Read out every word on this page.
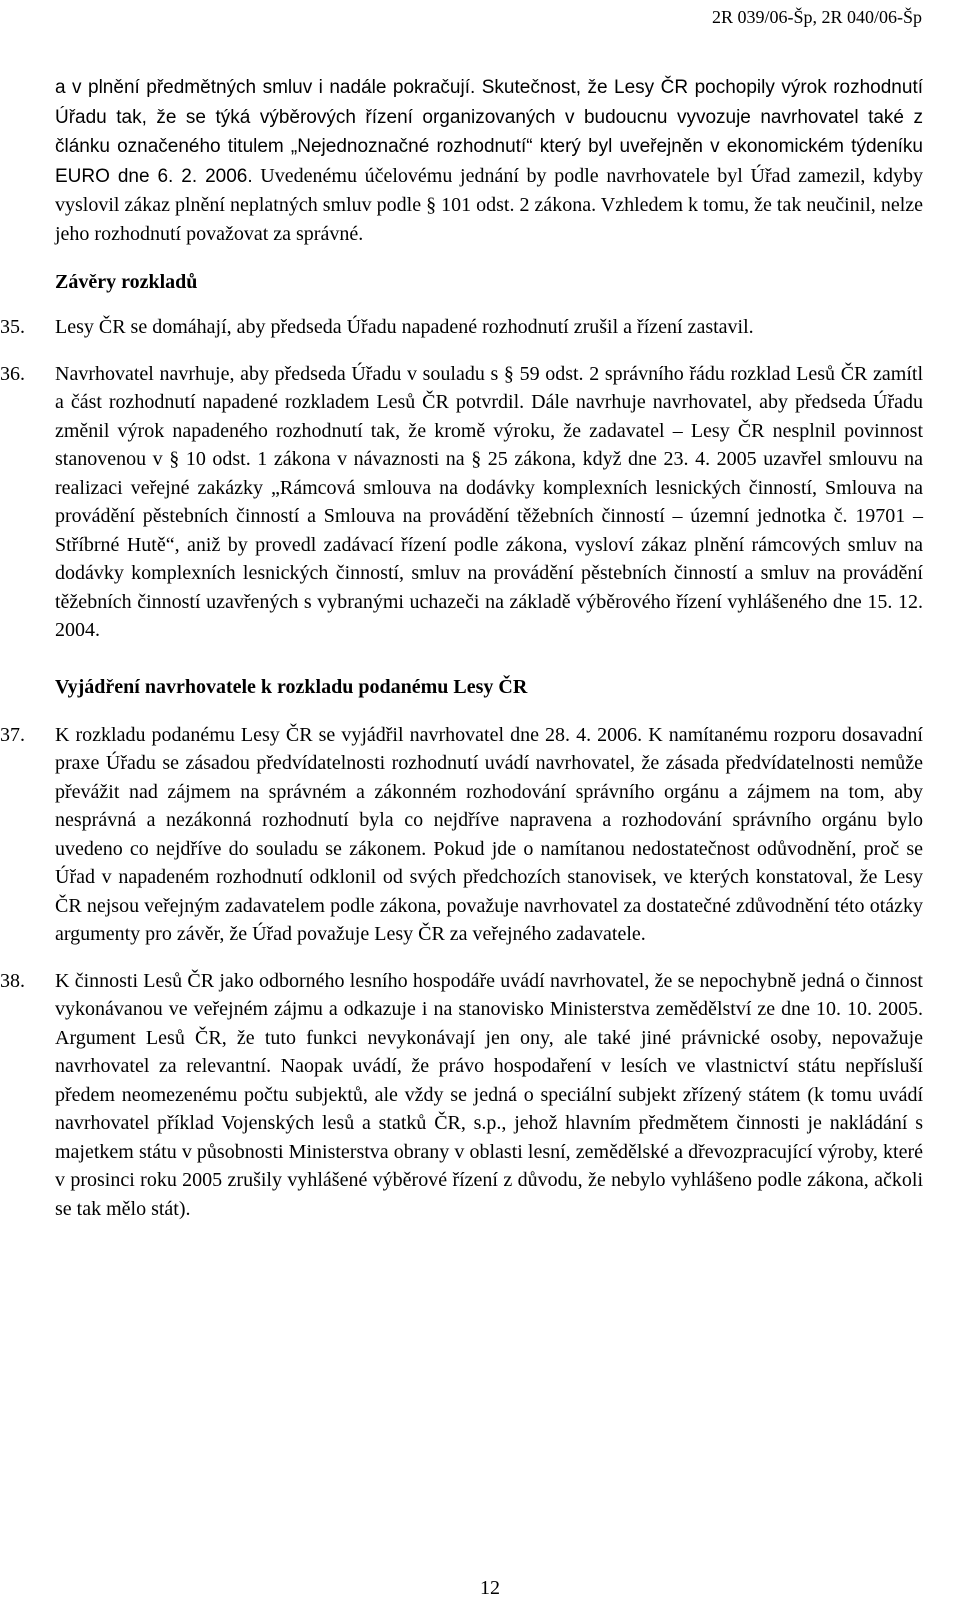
2R 039/06-Šp, 2R 040/06-Šp

a v plnění předmětných smluv i nadále pokračují. Skutečnost, že Lesy ČR pochopily výrok rozhodnutí Úřadu tak, že se týká výběrových řízení organizovaných v budoucnu vyvozuje navrhovatel také z článku označeného titulem „Nejednoznačné rozhodnutí“ který byl uveřejněn v ekonomickém týdeníku EURO dne 6. 2. 2006. Uvedenému účelovému jednání by podle navrhovatele byl Úřad zamezil, kdyby vyslovil zákaz plnění neplatných smluv podle § 101 odst. 2 zákona. Vzhledem k tomu, že tak neučinil, nelze jeho rozhodnutí považovat za správné.

Závěry rozkladů

35.	Lesy ČR se domáhají, aby předseda Úřadu napadené rozhodnutí zrušil a řízení zastavil.

36.	Navrhovatel navrhuje, aby předseda Úřadu v souladu s § 59 odst. 2 správního řádu rozklad Lesů ČR zamítl a část rozhodnutí napadené rozkladem Lesů ČR potvrdil. Dále navrhuje navrhovatel, aby předseda Úřadu změnil výrok napadeného rozhodnutí tak, že kromě výroku, že zadavatel – Lesy ČR nesplnil povinnost stanovenou v § 10 odst. 1 zákona v návaznosti na § 25 zákona, když dne 23. 4. 2005 uzavřel smlouvu na realizaci veřejné zakázky „Rámcová smlouva na dodávky komplexních lesnických činností, Smlouva na provádění pěstebních činností a Smlouva na provádění těžebních činností – územní jednotka č. 19701 – Stříbrné Hutě“, aniž by provedl zadávací řízení podle zákona, vysloví zákaz plnění rámcových smluv na dodávky komplexních lesnických činností, smluv na provádění pěstebních činností a smluv na provádění těžebních činností uzavřených s vybranými uchazeči na základě výběrového řízení vyhlášeného dne 15. 12. 2004.

Vyjádření navrhovatele k rozkladu podanému Lesy ČR

37.	K rozkladu podanému Lesy ČR se vyjádřil navrhovatel dne 28. 4. 2006. K namítanému rozporu dosavadní praxe Úřadu se zásadou předvídatelnosti rozhodnutí uvádí navrhovatel, že zásada předvídatelnosti nemůže převážit nad zájmem na správném a zákonném rozhodování správního orgánu a zájmem na tom, aby nesprávná a nezákonná rozhodnutí byla co nejdříve napravena a rozhodování správního orgánu bylo uvedeno co nejdříve do souladu se zákonem. Pokud jde o namítanou nedostatečnost odůvodnění, proč se Úřad v napadeném rozhodnutí odklonil od svých předchozích stanovisek, ve kterých konstatoval, že Lesy ČR nejsou veřejným zadavatelem podle zákona, považuje navrhovatel za dostatečné zdůvodnění této otázky argumenty pro závěr, že Úřad považuje Lesy ČR za veřejného zadavatele.

38.	K činnosti Lesů ČR jako odborného lesního hospodáře uvádí navrhovatel, že se nepochybně jedná o činnost vykonávanou ve veřejném zájmu a odkazuje i na stanovisko Ministerstva zemědělství ze dne 10. 10. 2005. Argument Lesů ČR, že tuto funkci nevykonávají jen ony, ale také jiné právnické osoby, nepovažuje navrhovatel za relevantní. Naopak uvádí, že právo hospodaření v lesích ve vlastnictví státu nepřísluší předem neomezenému počtu subjektů, ale vždy se jedná o speciální subjekt zřízený státem (k tomu uvádí navrhovatel příklad Vojenských lesů a statků ČR, s.p., jehož hlavním předmětem činnosti je nakládání s majetkem státu v působnosti Ministerstva obrany v oblasti lesní, zemědělské a dřevozpracující výroby, které v prosinci roku 2005 zrušily vyhlášené výběrové řízení z důvodu, že nebylo vyhlášeno podle zákona, ačkoli se tak mělo stát).

12
